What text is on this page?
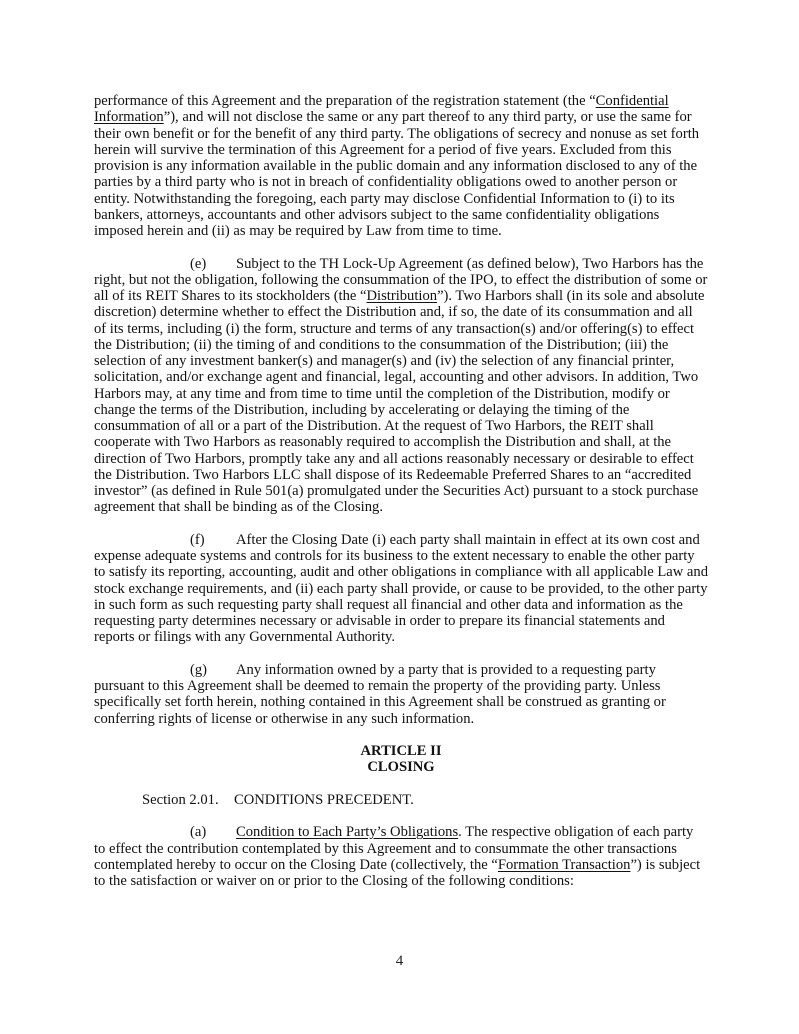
performance of this Agreement and the preparation of the registration statement (the “Confidential Information”), and will not disclose the same or any part thereof to any third party, or use the same for their own benefit or for the benefit of any third party. The obligations of secrecy and nonuse as set forth herein will survive the termination of this Agreement for a period of five years. Excluded from this provision is any information available in the public domain and any information disclosed to any of the parties by a third party who is not in breach of confidentiality obligations owed to another person or entity. Notwithstanding the foregoing, each party may disclose Confidential Information to (i) to its bankers, attorneys, accountants and other advisors subject to the same confidentiality obligations imposed herein and (ii) as may be required by Law from time to time.

(e) Subject to the TH Lock-Up Agreement (as defined below), Two Harbors has the right, but not the obligation, following the consummation of the IPO, to effect the distribution of some or all of its REIT Shares to its stockholders (the “Distribution”). Two Harbors shall (in its sole and absolute discretion) determine whether to effect the Distribution and, if so, the date of its consummation and all of its terms, including (i) the form, structure and terms of any transaction(s) and/or offering(s) to effect the Distribution; (ii) the timing of and conditions to the consummation of the Distribution; (iii) the selection of any investment banker(s) and manager(s) and (iv) the selection of any financial printer, solicitation, and/or exchange agent and financial, legal, accounting and other advisors. In addition, Two Harbors may, at any time and from time to time until the completion of the Distribution, modify or change the terms of the Distribution, including by accelerating or delaying the timing of the consummation of all or a part of the Distribution. At the request of Two Harbors, the REIT shall cooperate with Two Harbors as reasonably required to accomplish the Distribution and shall, at the direction of Two Harbors, promptly take any and all actions reasonably necessary or desirable to effect the Distribution. Two Harbors LLC shall dispose of its Redeemable Preferred Shares to an “accredited investor” (as defined in Rule 501(a) promulgated under the Securities Act) pursuant to a stock purchase agreement that shall be binding as of the Closing.

(f) After the Closing Date (i) each party shall maintain in effect at its own cost and expense adequate systems and controls for its business to the extent necessary to enable the other party to satisfy its reporting, accounting, audit and other obligations in compliance with all applicable Law and stock exchange requirements, and (ii) each party shall provide, or cause to be provided, to the other party in such form as such requesting party shall request all financial and other data and information as the requesting party determines necessary or advisable in order to prepare its financial statements and reports or filings with any Governmental Authority.

(g) Any information owned by a party that is provided to a requesting party pursuant to this Agreement shall be deemed to remain the property of the providing party. Unless specifically set forth herein, nothing contained in this Agreement shall be construed as granting or conferring rights of license or otherwise in any such information.

ARTICLE II
CLOSING

Section 2.01. CONDITIONS PRECEDENT.

(a) Condition to Each Party’s Obligations. The respective obligation of each party to effect the contribution contemplated by this Agreement and to consummate the other transactions contemplated hereby to occur on the Closing Date (collectively, the “Formation Transaction”) is subject to the satisfaction or waiver on or prior to the Closing of the following conditions:

4
